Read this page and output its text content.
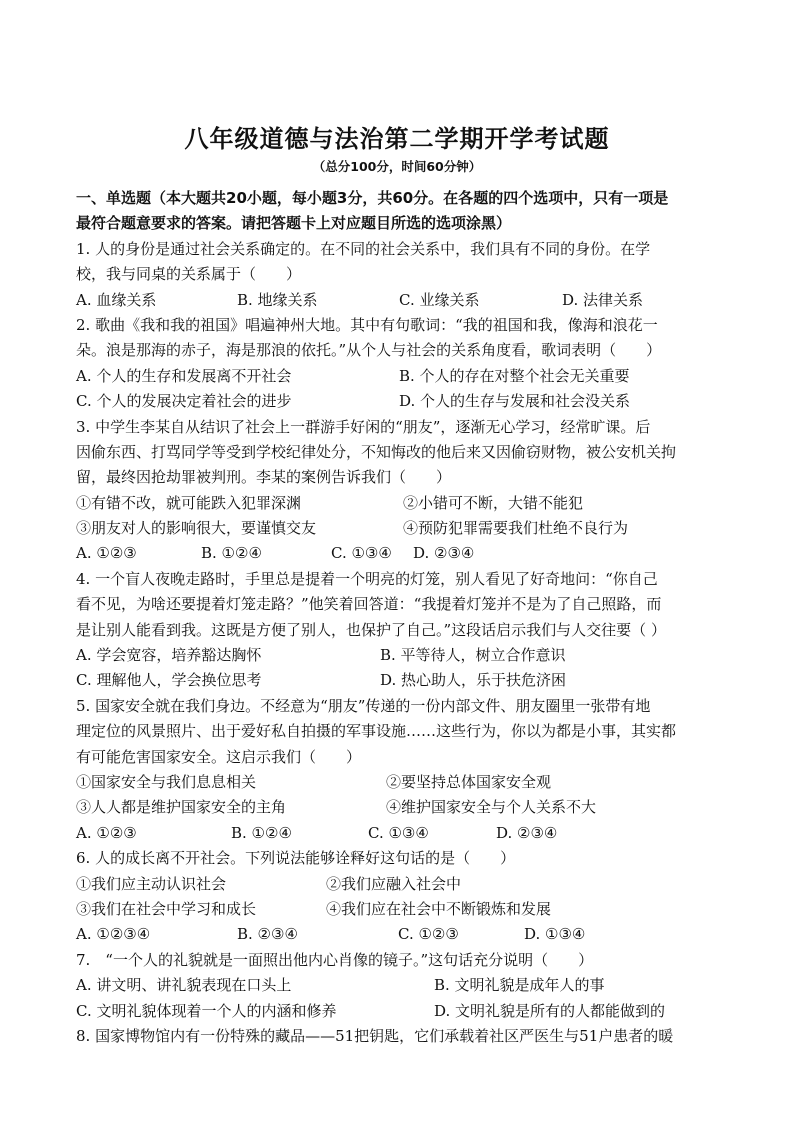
八年级道德与法治第二学期开学考试题
（总分100分，时间60分钟）
一、单选题（本大题共20小题，每小题3分，共60分。在各题的四个选项中，只有一项是
最符合题意要求的答案。请把答题卡上对应题目所选的选项涂黑）
1. 人的身份是通过社会关系确定的。在不同的社会关系中，我们具有不同的身份。在学
校，我与同桌的关系属于（　　）
A. 血缘关系	B. 地缘关系	C. 业缘关系	D. 法律关系
2. 歌曲《我和我的祖国》唱遍神州大地。其中有句歌词：“我的祖国和我，像海和浪花一
朵。浪是那海的赤子，海是那浪的依托。”从个人与社会的关系角度看，歌词表明（　　）
A. 个人的生存和发展离不开社会	B. 个人的存在对整个社会无关重要
C. 个人的发展决定着社会的进步	D. 个人的生存与发展和社会没关系
3. 中学生李某自从结识了社会上一群游手好闲的“朋友”，逐渐无心学习，经常旷课。后
因偷东西、打骂同学等受到学校纪律处分，不知悔改的他后来又因偷窃财物，被公安机关拘
留，最终因抢劫罪被判刑。李某的案例告诉我们（　　）
①有错不改，就可能跌入犯罪深渊	②小错可不断，大错不能犯
③朋友对人的影响很大，要谨慎交友	④预防犯罪需要我们杜绝不良行为
A. ①②③	B. ①②④	C. ①③④ D. ②③④
4. 一个盲人夜晚走路时，手里总是提着一个明亮的灯笼，别人看见了好奇地问：“你自己
看不见，为啥还要提着灯笼走路？”他笑着回答道：“我提着灯笼并不是为了自己照路，而
是让别人能看到我。这既是方便了别人，也保护了自己。”这段话启示我们与人交往要（ ）
A. 学会宽容，培养豁达胸怀	B. 平等待人，树立合作意识
C. 理解他人，学会换位思考	D. 热心助人，乐于扶危济困
5. 国家安全就在我们身边。不经意为“朋友”传递的一份内部文件、朋友圈里一张带有地
理定位的风景照片、出于爱好私自拍摄的军事设施……这些行为，你以为都是小事，其实都
有可能危害国家安全。这启示我们（　　）
①国家安全与我们息息相关	②要坚持总体国家安全观
③人人都是维护国家安全的主角	④维护国家安全与个人关系不大
A. ①②③	B. ①②④	C. ①③④	D. ②③④
6. 人的成长离不开社会。下列说法能够诠释好这句话的是（　　）
①我们应主动认识社会	②我们应融入社会中
③我们在社会中学习和成长	④我们应在社会中不断锻炼和发展
A. ①②③④	B. ②③④	C. ①②③	D. ①③④
7.　“一个人的礼貌就是一面照出他内心肖像的镜子。”这句话充分说明（　　）
A. 讲文明、讲礼貌表现在口头上	B. 文明礼貌是成年人的事
C. 文明礼貌体现着一个人的内涵和修养	D. 文明礼貌是所有的人都能做到的
8. 国家博物馆内有一份特殊的藏品——51把钥匙，它们承载着社区严医生与51户患者的暖
